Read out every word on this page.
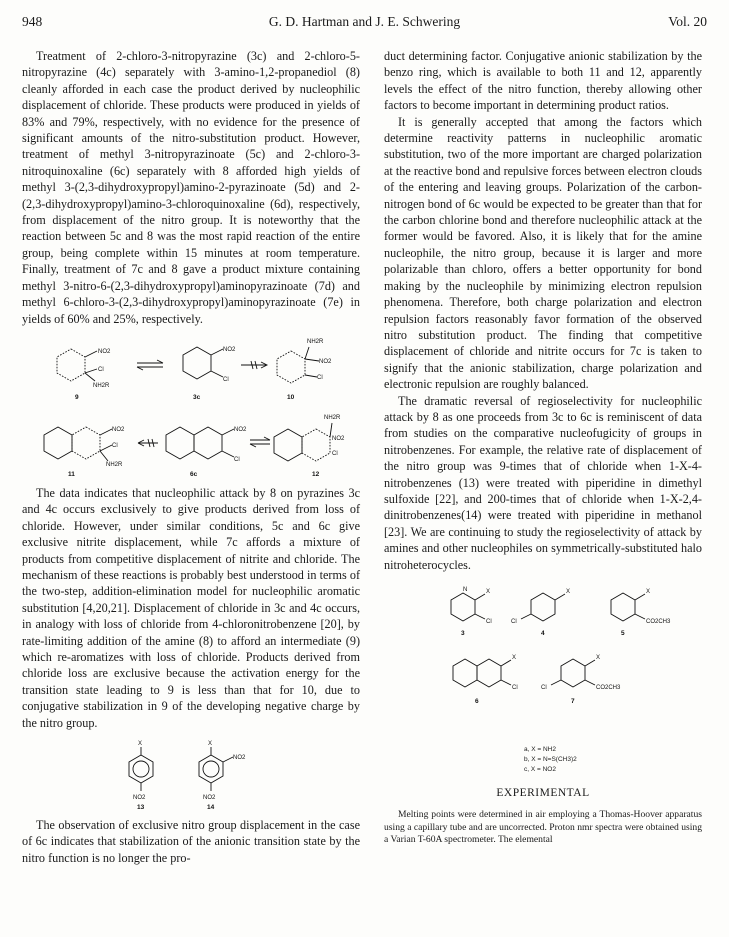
948	G. D. Hartman and J. E. Schwering	Vol. 20

Treatment of 2-chloro-3-nitropyrazine (3c) and 2-chloro-5-nitropyrazine (4c) separately with 3-amino-1,2-propanediol (8) cleanly afforded in each case the product derived by nucleophilic displacement of chloride. These products were produced in yields of 83% and 79%, respectively, with no evidence for the presence of significant amounts of the nitro-substitution product. However, treatment of methyl 3-nitropyrazinoate (5c) and 2-chloro-3-nitroquinoxaline (6c) separately with 8 afforded high yields of methyl 3-(2,3-dihydroxypropyl)amino-2-pyrazinoate (5d) and 2-(2,3-dihydroxypropyl)amino-3-chloroquinoxaline (6d), respectively, from displacement of the nitro group. It is noteworthy that the reaction between 5c and 8 was the most rapid reaction of the entire group, being complete within 15 minutes at room temperature. Finally, treatment of 7c and 8 gave a product mixture containing methyl 3-nitro-6-(2,3-dihydroxypropyl)aminopyrazinoate (7d) and methyl 6-chloro-3-(2,3-dihydroxypropyl)aminopyrazinoate (7e) in yields of 60% and 25%, respectively.

NO2
Cl
NH2R
9
NO2
Cl
3c
NH2R
NO2
Cl
10
NO2
Cl
NH2R
11
NO2
Cl
6c
NH2R
NO2
Cl
12

The data indicates that nucleophilic attack by 8 on pyrazines 3c and 4c occurs exclusively to give products derived from loss of chloride. However, under similar conditions, 5c and 6c give exclusive nitrite displacement, while 7c affords a mixture of products from competitive displacement of nitrite and chloride. The mechanism of these reactions is probably best understood in terms of the two-step, addition-elimination model for nucleophilic aromatic substitution [4,20,21]. Displacement of chloride in 3c and 4c occurs, in analogy with loss of chloride from 4-chloronitrobenzene [20], by rate-limiting addition of the amine (8) to afford an intermediate (9) which re-aromatizes with loss of chloride. Products derived from chloride loss are exclusive because the activation energy for the transition state leading to 9 is less than that for 10, due to conjugative stabilization in 9 of the developing negative charge by the nitro group.

X
NO2
13
X
NO2
NO2
14

The observation of exclusive nitro group displacement in the case of 6c indicates that stabilization of the anionic transition state by the nitro function is no longer the pro-

duct determining factor. Conjugative anionic stabilization by the benzo ring, which is available to both 11 and 12, apparently levels the effect of the nitro function, thereby allowing other factors to become important in determining product ratios.

It is generally accepted that among the factors which determine reactivity patterns in nucleophilic aromatic substitution, two of the more important are charged polarization at the reactive bond and repulsive forces between electron clouds of the entering and leaving groups. Polarization of the carbon-nitrogen bond of 6c would be expected to be greater than that for the carbon chlorine bond and therefore nucleophilic attack at the former would be favored. Also, it is likely that for the amine nucleophile, the nitro group, because it is larger and more polarizable than chloro, offers a better opportunity for bond making by the nucleophile by minimizing electron repulsion phenomena. Therefore, both charge polarization and electron repulsion factors reasonably favor formation of the observed nitro substitution product. The finding that competitive displacement of chloride and nitrite occurs for 7c is taken to signify that the anionic stabilization, charge polarization and electronic repulsion are roughly balanced.

The dramatic reversal of regioselectivity for nucleophilic attack by 8 as one proceeds from 3c to 6c is reminiscent of data from studies on the comparative nucleofugicity of groups in nitrobenzenes. For example, the relative rate of displacement of the nitro group was 9-times that of chloride when 1-X-4-nitrobenzenes (13) were treated with piperidine in dimethyl sulfoxide [22], and 200-times that of chloride when 1-X-2,4-dinitrobenzenes(14) were treated with piperidine in methanol [23]. We are continuing to study the regioselectivity of attack by amines and other nucleophiles on symmetrically-substituted halo nitroheterocycles.

N	X
Cl
3
X
Cl
4
X
CO2CH3
5
X
Cl
6
X
CO2CH3
Cl
7
a, X = NH2
b, X = N=S(CH3)2
c, X = NO2
EXPERIMENTAL

Melting points were determined in air employing a Thomas-Hoover apparatus using a capillary tube and are uncorrected. Proton nmr spectra were obtained using a Varian T-60A spectrometer. The elemental
